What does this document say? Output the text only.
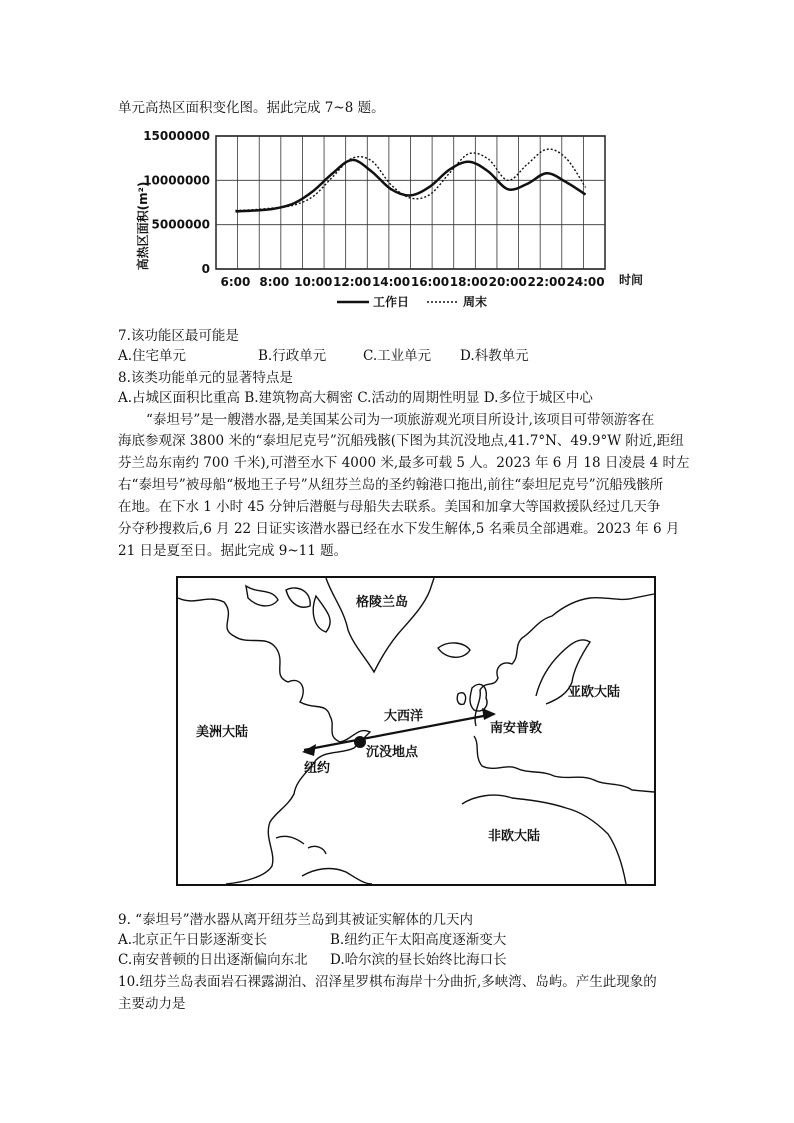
单元高热区面积变化图。据此完成 7~8 题。
高热区面积(m²)	0
5000000
10000000
15000000
6:00 8:00 10:00 12:00 14:00 16:00 18:00 20:00 22:00 24:00 时间
工作日	周末
7.该功能区最可能是
A.住宅单元	B.行政单元	C.工业单元 D.科教单元
8.该类功能单元的显著特点是
A.占城区面积比重高 B.建筑物高大稠密 C.活动的周期性明显 D.多位于城区中心
“泰坦号”是一艘潜水器,是美国某公司为一项旅游观光项目所设计,该项目可带领游客在
海底参观深 3800 米的“泰坦尼克号”沉船残骸(下图为其沉没地点,41.7°N、49.9°W 附近,距纽
芬兰岛东南约 700 千米),可潜至水下 4000 米,最多可载 5 人。2023 年 6 月 18 日凌晨 4 时左
右“泰坦号”被母船“极地王子号”从纽芬兰岛的圣约翰港口拖出,前往“泰坦尼克号”沉船残骸所
在地。在下水 1 小时 45 分钟后潜艇与母船失去联系。美国和加拿大等国救援队经过几天争
分夺秒搜救后,6 月 22 日证实该潜水器已经在水下发生解体,5 名乘员全部遇难。2023 年 6 月
21 日是夏至日。据此完成 9~11 题。
格陵兰岛
亚欧大陆
美洲大陆
大西洋
南安普敦
纽约
沉没地点
非欧大陆
9. “泰坦号”潜水器从离开纽芬兰岛到其被证实解体的几天内
A.北京正午日影逐渐变长	B.纽约正午太阳高度逐渐变大
C.南安普顿的日出逐渐偏向东北 D.哈尔滨的昼长始终比海口长
10.纽芬兰岛表面岩石裸露湖泊、沼泽星罗棋布海岸十分曲折,多峡湾、岛屿。产生此现象的
主要动力是
